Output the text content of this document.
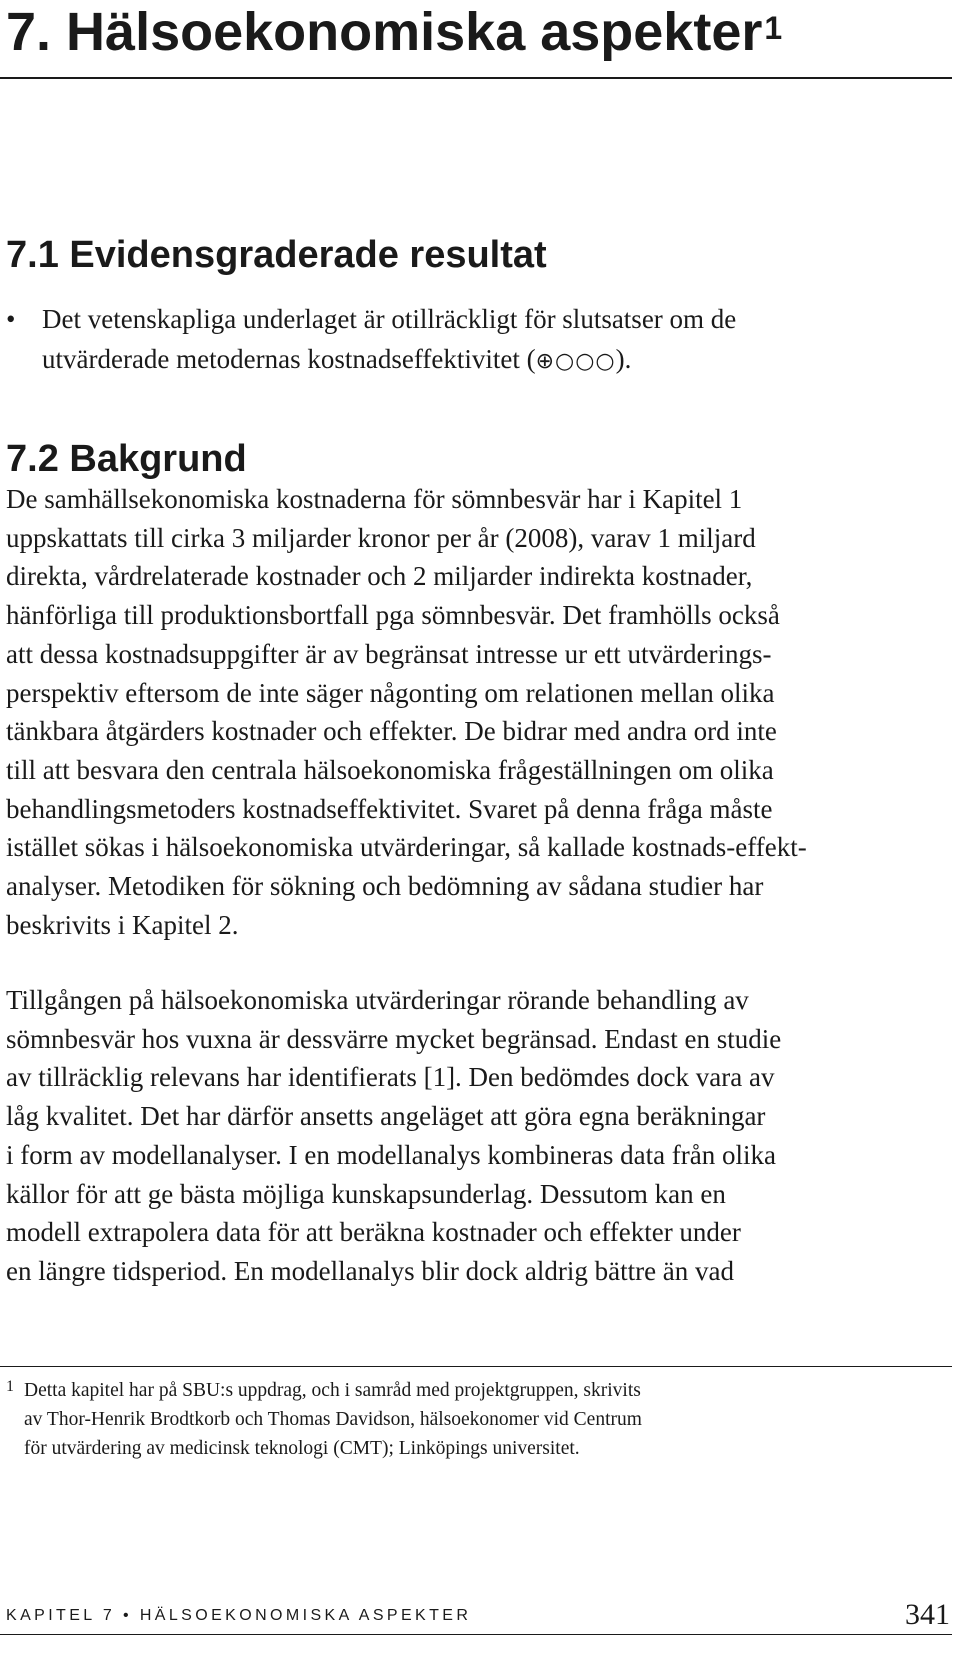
7. Hälsoekonomiska aspekter$^1$
7.1 Evidensgraderade resultat
• Det vetenskapliga underlaget är otillräckligt för slutsatser om de
utvärderade metodernas kostnadseffektivitet (⊕○○○).
7.2 Bakgrund

De samhällsekonomiska kostnaderna för sömnbesvär har i Kapitel 1
uppskattats till cirka 3 miljarder kronor per år (2008), varav 1 miljard
direkta, vårdrelaterade kostnader och 2 miljarder indirekta kostnader,
hänförliga till produktionsbortfall pga sömnbesvär. Det framhölls också
att dessa kostnadsuppgifter är av begränsat intresse ur ett utvärderings-
perspektiv eftersom de inte säger någonting om relationen mellan olika
tänkbara åtgärders kostnader och effekter. De bidrar med andra ord inte
till att besvara den centrala hälsoekonomiska frågeställningen om olika
behandlingsmetoders kostnadseffektivitet. Svaret på denna fråga måste
istället sökas i hälsoekonomiska utvärderingar, så kallade kostnads-effekt-
analyser. Metodiken för sökning och bedömning av sådana studier har
beskrivits i Kapitel 2.

Tillgången på hälsoekonomiska utvärderingar rörande behandling av
sömnbesvär hos vuxna är dessvärre mycket begränsad. Endast en studie
av tillräcklig relevans har identifierats [1]. Den bedömdes dock vara av
låg kvalitet. Det har därför ansetts angeläget att göra egna beräkningar
i form av modellanalyser. I en modellanalys kombineras data från olika
källor för att ge bästa möjliga kunskapsunderlag. Dessutom kan en
modell extrapolera data för att beräkna kostnader och effekter under
en längre tidsperiod. En modellanalys blir dock aldrig bättre än vad

1 Detta kapitel har på SBU:s uppdrag, och i samråd med projektgruppen, skrivits
av Thor-Henrik Brodtkorb och Thomas Davidson, hälsoekonomer vid Centrum
för utvärdering av medicinsk teknologi (CMT); Linköpings universitet.
KAPITEL 7 • HÄLSOEKONOMISKA ASPEKTER	341
